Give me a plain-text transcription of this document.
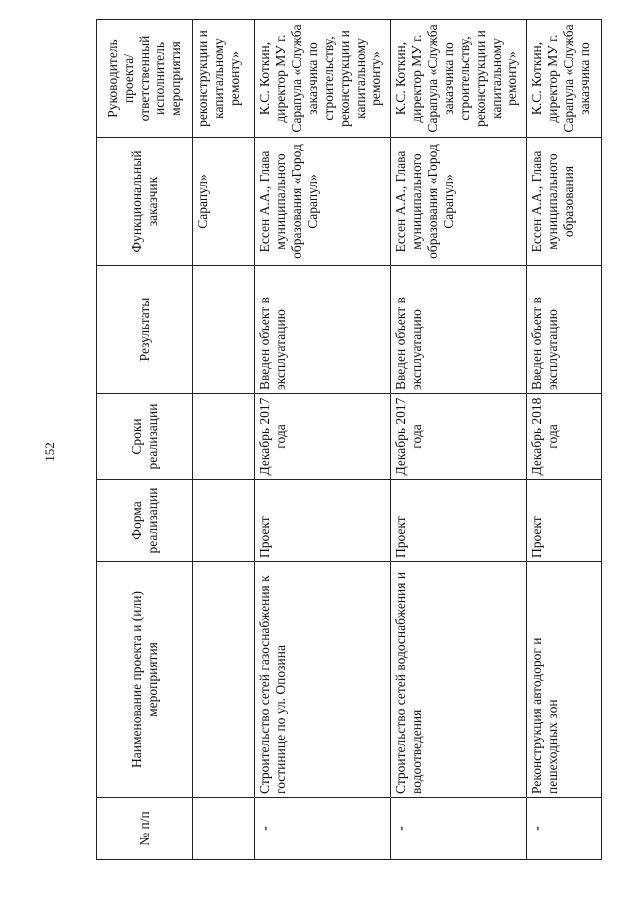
152
№ п/п	Наименование проекта и (или) мероприятия	Форма реализации	Сроки реализации	Результаты	Функциональный заказчик	Руководитель проекта/ ответственный исполнитель мероприятия
					Сарапул»	реконструкции и капитальному ремонту»
-	Строительство сетей газоснабжения к гостинице по ул. Опозина	Проект	Декабрь 2017 года	Введен объект в эксплуатацию	Ессен А.А., Глава муниципального образования «Город Сарапул»	К.С. Коткин, директор МУ г. Сарапула «Служба заказчика по строительству, реконструкции и капитальному ремонту»
-	Строительство сетей водоснабжения и водоотведения	Проект	Декабрь 2017 года	Введен объект в эксплуатацию	Ессен А.А., Глава муниципального образования «Город Сарапул»	К.С. Коткин, директор МУ г. Сарапула «Служба заказчика по строительству, реконструкции и капитальному ремонту»
-	Реконструкция автодорог и пешеходных зон	Проект	Декабрь 2018 года	Введен объект в эксплуатацию	Ессен А.А., Глава муниципального образования	К.С. Коткин, директор МУ г. Сарапула «Служба заказчика по
